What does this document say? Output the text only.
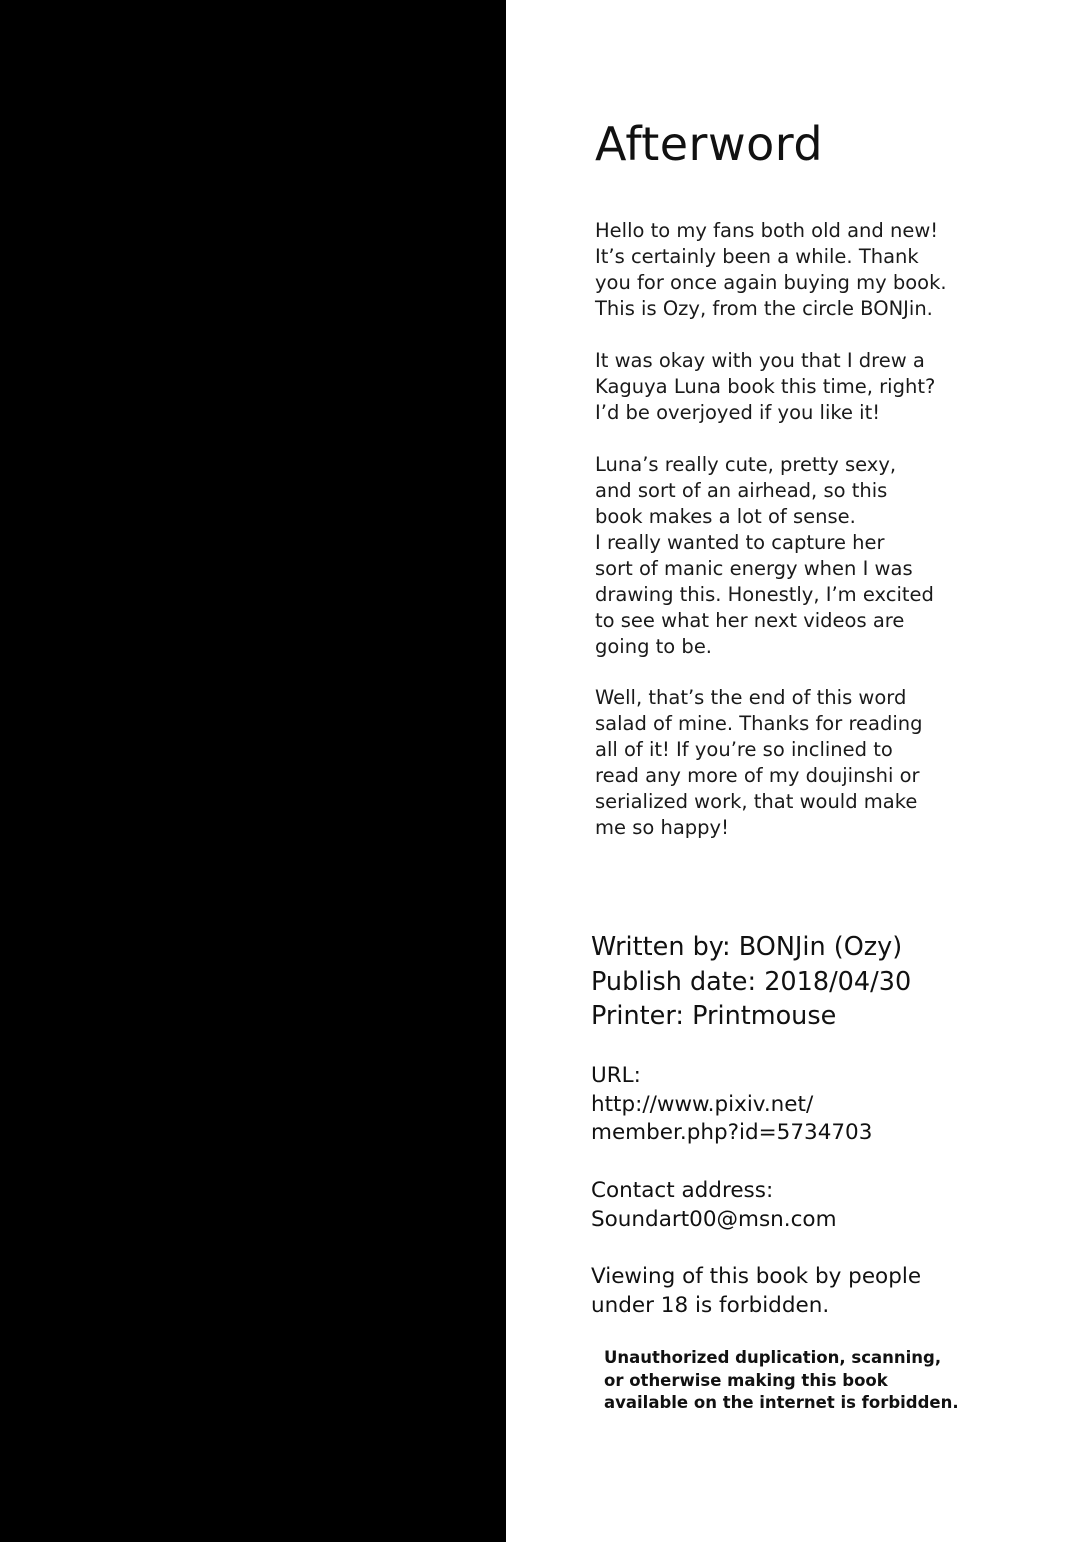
Afterword

Hello to my fans both old and new!
It’s certainly been a while. Thank
you for once again buying my book.
This is Ozy, from the circle BONJin.

It was okay with you that I drew a
Kaguya Luna book this time, right?
I’d be overjoyed if you like it!

Luna’s really cute, pretty sexy,
and sort of an airhead, so this
book makes a lot of sense.
I really wanted to capture her
sort of manic energy when I was
drawing this. Honestly, I’m excited
to see what her next videos are
going to be.

Well, that’s the end of this word
salad of mine. Thanks for reading
all of it! If you’re so inclined to
read any more of my doujinshi or
serialized work, that would make
me so happy!

Written by: BONJin (Ozy)
Publish date: 2018/04/30
Printer: Printmouse
URL:
http://www.pixiv.net/
member.php?id=5734703
Contact address:
Soundart00@msn.com
Viewing of this book by people
under 18 is forbidden.
Unauthorized duplication, scanning,
or otherwise making this book
available on the internet is forbidden.
